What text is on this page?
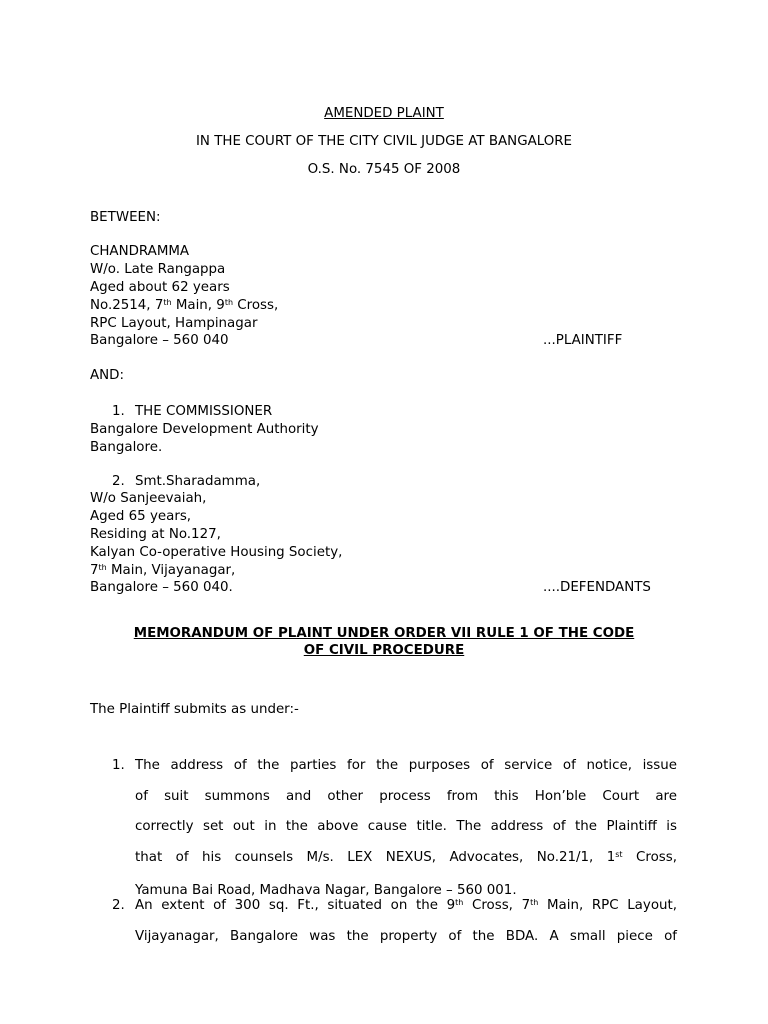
AMENDED PLAINT
IN THE COURT OF THE CITY CIVIL JUDGE AT BANGALORE
O.S. No. 7545 OF 2008
BETWEEN:
CHANDRAMMA
W/o. Late Rangappa
Aged about 62 years
No.2514, 7th Main, 9th Cross,
RPC Layout, Hampinagar
Bangalore – 560 040	...PLAINTIFF
AND:
1. THE COMMISSIONER
Bangalore Development Authority
Bangalore.
2. Smt.Sharadamma,
W/o Sanjeevaiah,
Aged 65 years,
Residing at No.127,
Kalyan Co-operative Housing Society,
7th Main, Vijayanagar,
Bangalore – 560 040.	....DEFENDANTS
MEMORANDUM OF PLAINT UNDER ORDER VII RULE 1 OF THE CODE
OF CIVIL PROCEDURE
The Plaintiff submits as under:-
1. The address of the parties for the purposes of service of notice, issue
of suit summons and other process from this Hon’ble Court are
correctly set out in the above cause title. The address of the Plaintiff is
that of his counsels M/s. LEX NEXUS, Advocates, No.21/1, 1st Cross,
Yamuna Bai Road, Madhava Nagar, Bangalore – 560 001.
2. An extent of 300 sq. Ft., situated on the 9th Cross, 7th Main, RPC Layout,
Vijayanagar, Bangalore was the property of the BDA. A small piece of
